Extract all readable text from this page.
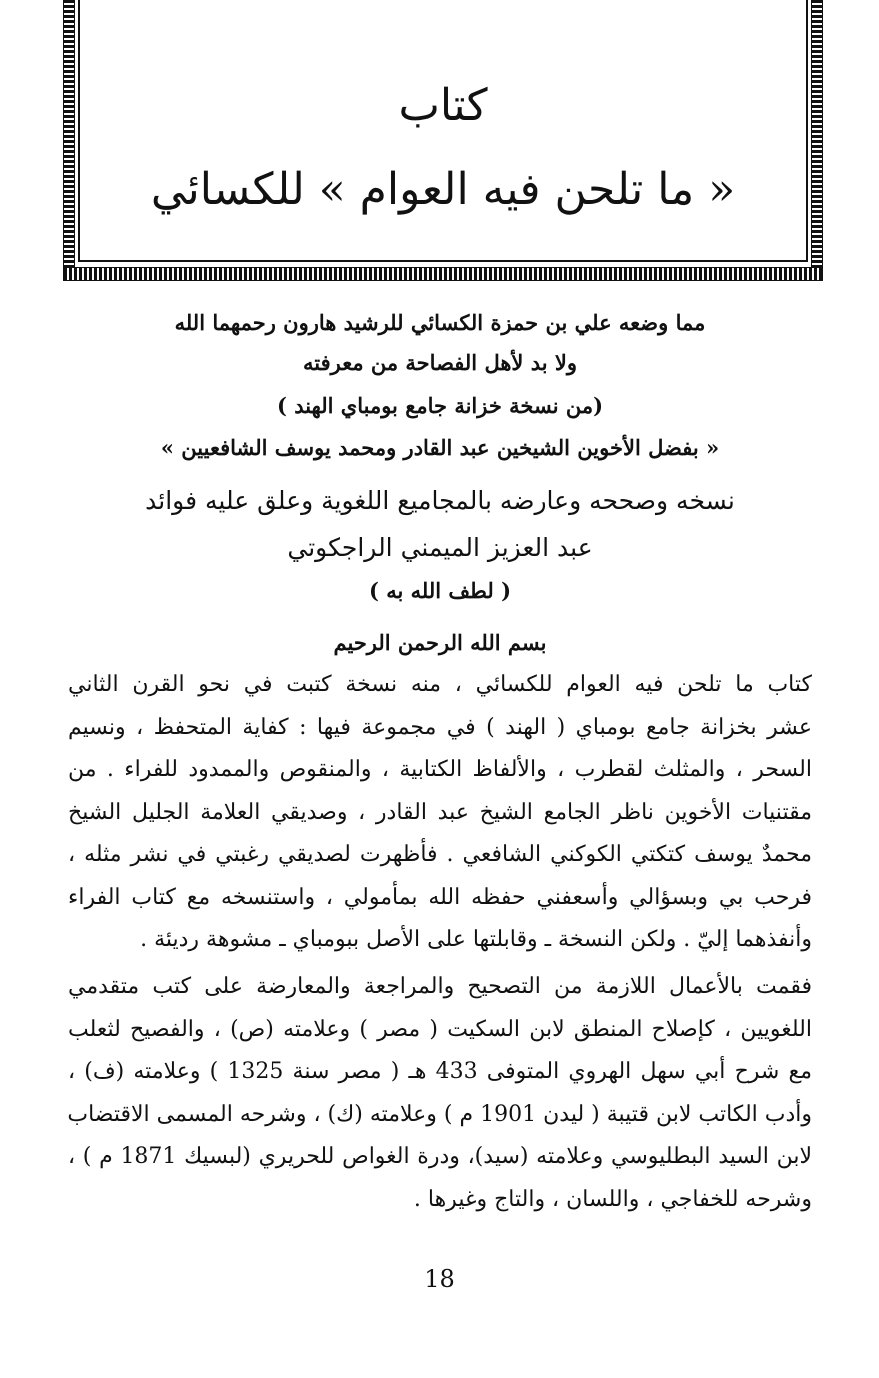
كتاب
« ما تلحن فيه العوام » للكسائي
مما وضعه علي بن حمزة الكسائي للرشيد هارون رحمهما الله
ولا بد لأهل الفصاحة من معرفته
(من نسخة خزانة جامع بومباي الهند )
« بفضل الأخوين الشيخين عبد القادر ومحمد يوسف الشافعيين »
نسخه وصححه وعارضه بالمجاميع اللغوية وعلق عليه فوائد
عبد العزيز الميمني الراجكوتي
( لطف الله به )
بسم الله الرحمن الرحيم
كتاب ما تلحن فيه العوام للكسائي ، منه نسخة كتبت في نحو القرن الثاني
عشر بخزانة جامع بومباي ( الهند ) في مجموعة فيها : كفاية المتحفظ ، ونسيم
السحر ، والمثلث لقطرب ، والألفاظ الكتابية ، والمنقوص والممدود للفراء . من
مقتنيات الأخوين ناظر الجامع الشيخ عبد القادر ، وصديقي العلامة الجليل الشيخ
محمدٌ يوسف كتكتي الكوكني الشافعي . فأظهرت لصديقي رغبتي في نشر مثله ،
فرحب بي وبسؤالي وأسعفني حفظه الله بمأمولي ، واستنسخه مع كتاب الفراء
وأنفذهما إليّ . ولكن النسخة ـ وقابلتها على الأصل ببومباي ـ مشوهة رديئة .
فقمت بالأعمال اللازمة من التصحيح والمراجعة والمعارضة على كتب متقدمي
اللغويين ، كإصلاح المنطق لابن السكيت ( مصر ) وعلامته (ص) ، والفصيح لثعلب
مع شرح أبي سهل الهروي المتوفى 433 هـ ( مصر سنة 1325 ) وعلامته (ف) ،
وأدب الكاتب لابن قتيبة ( ليدن 1901 م ) وعلامته (ك) ، وشرحه المسمى الاقتضاب
لابن السيد البطليوسي وعلامته (سيد)، ودرة الغواص للحريري (لبسيك 1871 م ) ،
وشرحه للخفاجي ، واللسان ، والتاج وغيرها .
18
